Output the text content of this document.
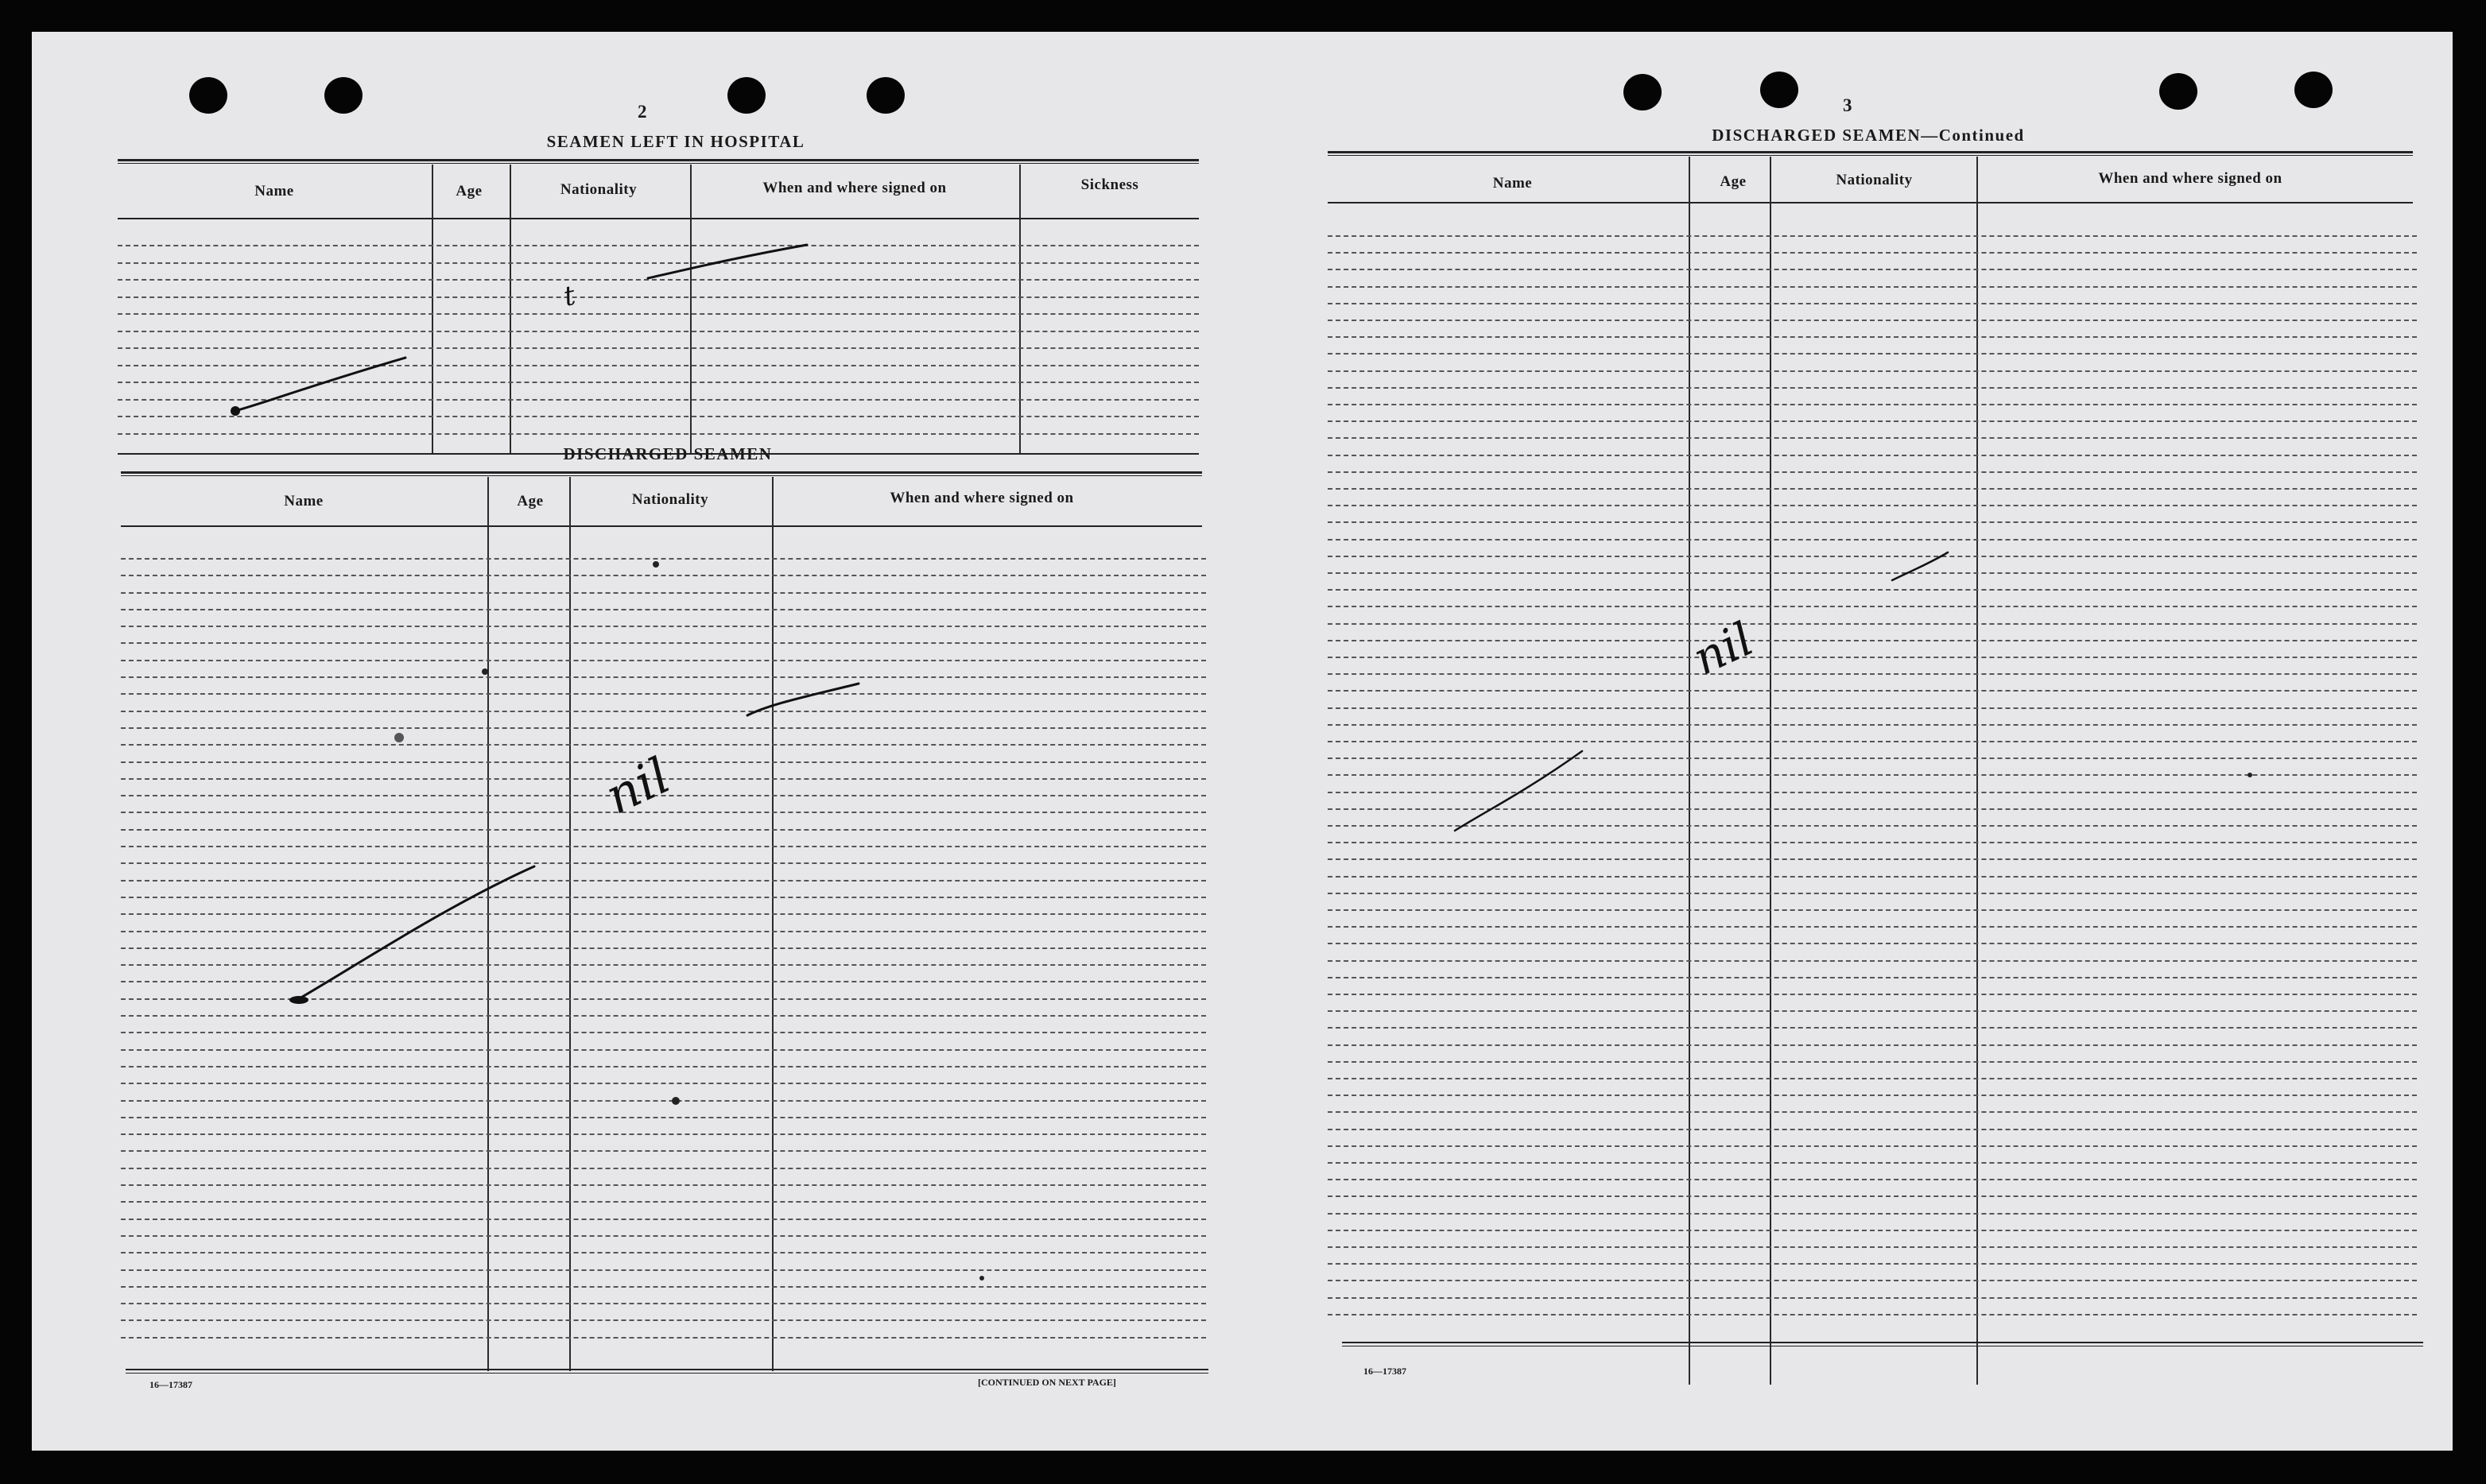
2
SEAMEN LEFT IN HOSPITAL
Name	Age	Nationality	When and where signed on	Sickness
DISCHARGED SEAMEN
Name	Age	Nationality	When and where signed on
16—17387	[CONTINUED ON NEXT PAGE]
3
DISCHARGED SEAMEN—Continued
Name	Age	Nationality	When and where signed on
16—17387
t
nil
nil
